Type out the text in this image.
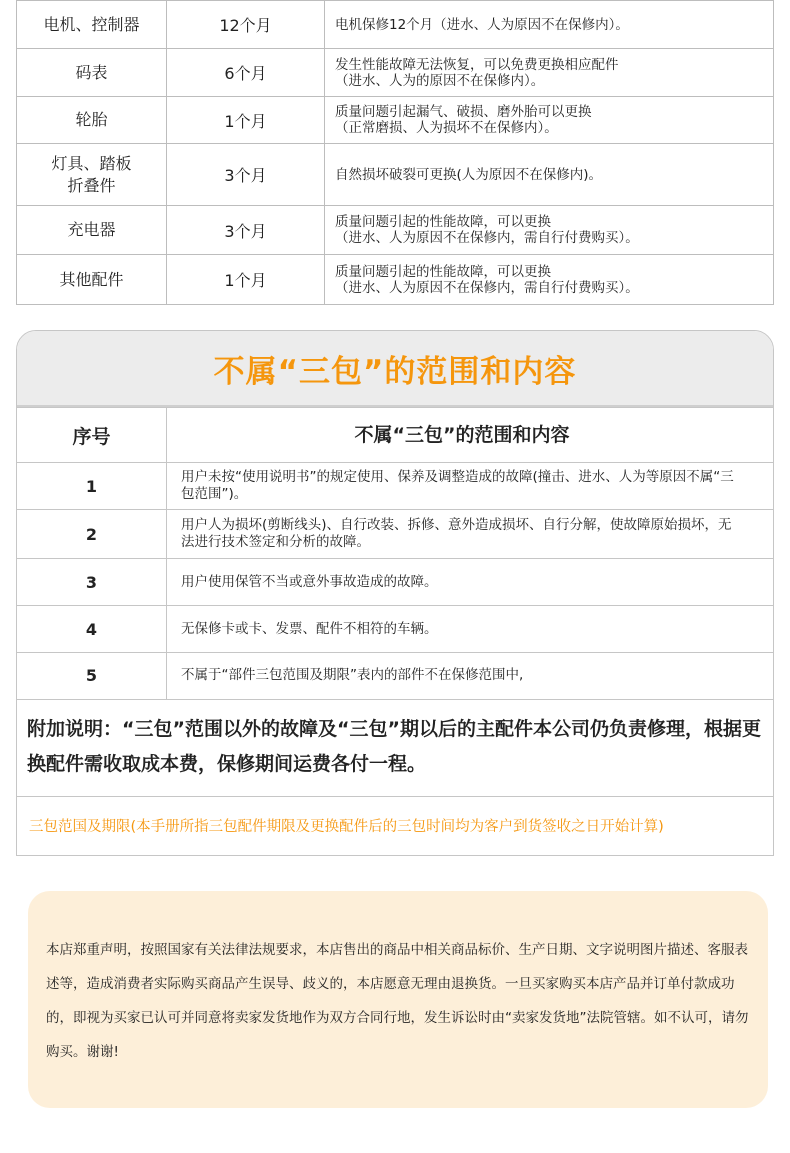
电机、控制器	12个月	电机保修12个月（进水、人为原因不在保修内）。
码表	6个月	发生性能故障无法恢复，可以免费更换相应配件
（进水、人为的原因不在保修内）。
轮胎	1个月	质量问题引起漏气、破损、磨外胎可以更换
（正常磨损、人为损坏不在保修内）。
灯具、踏板
折叠件	3个月	自然损坏破裂可更换(人为原因不在保修内)。
充电器	3个月	质量问题引起的性能故障，可以更换
（进水、人为原因不在保修内，需自行付费购买）。
其他配件	1个月	质量问题引起的性能故障，可以更换
（进水、人为原因不在保修内，需自行付费购买）。
不属“三包”的范围和内容
序号	不属“三包”的范围和内容
1	用户未按“使用说明书”的规定使用、保养及调整造成的故障(撞击、进水、人为等原因不属“三包范围”)。
2	用户人为损坏(剪断线头)、自行改装、拆修、意外造成损坏、自行分解，使故障原始损坏，无法进行技术签定和分析的故障。
3	用户使用保管不当或意外事故造成的故障。
4	无保修卡或卡、发票、配件不相符的车辆。
5	不属于“部件三包范围及期限”表内的部件不在保修范围中,
附加说明：“三包”范围以外的故障及“三包”期以后的主配件本公司仍负责修理，根据更换配件需收取成本费，保修期间运费各付一程。
三包范国及期限(本手册所指三包配件期限及更换配件后的三包时间均为客户到货签收之日开始计算)
本店郑重声明，按照国家有关法律法规要求，本店售出的商品中相关商品标价、生产日期、文字说明图片描述、客服表述等，造成消费者实际购买商品产生误导、歧义的，本店愿意无理由退换货。一旦买家购买本店产品并订单付款成功的，即视为买家已认可并同意将卖家发货地作为双方合同行地，发生诉讼时由“卖家发货地”法院管辖。如不认可，请勿购买。谢谢!
